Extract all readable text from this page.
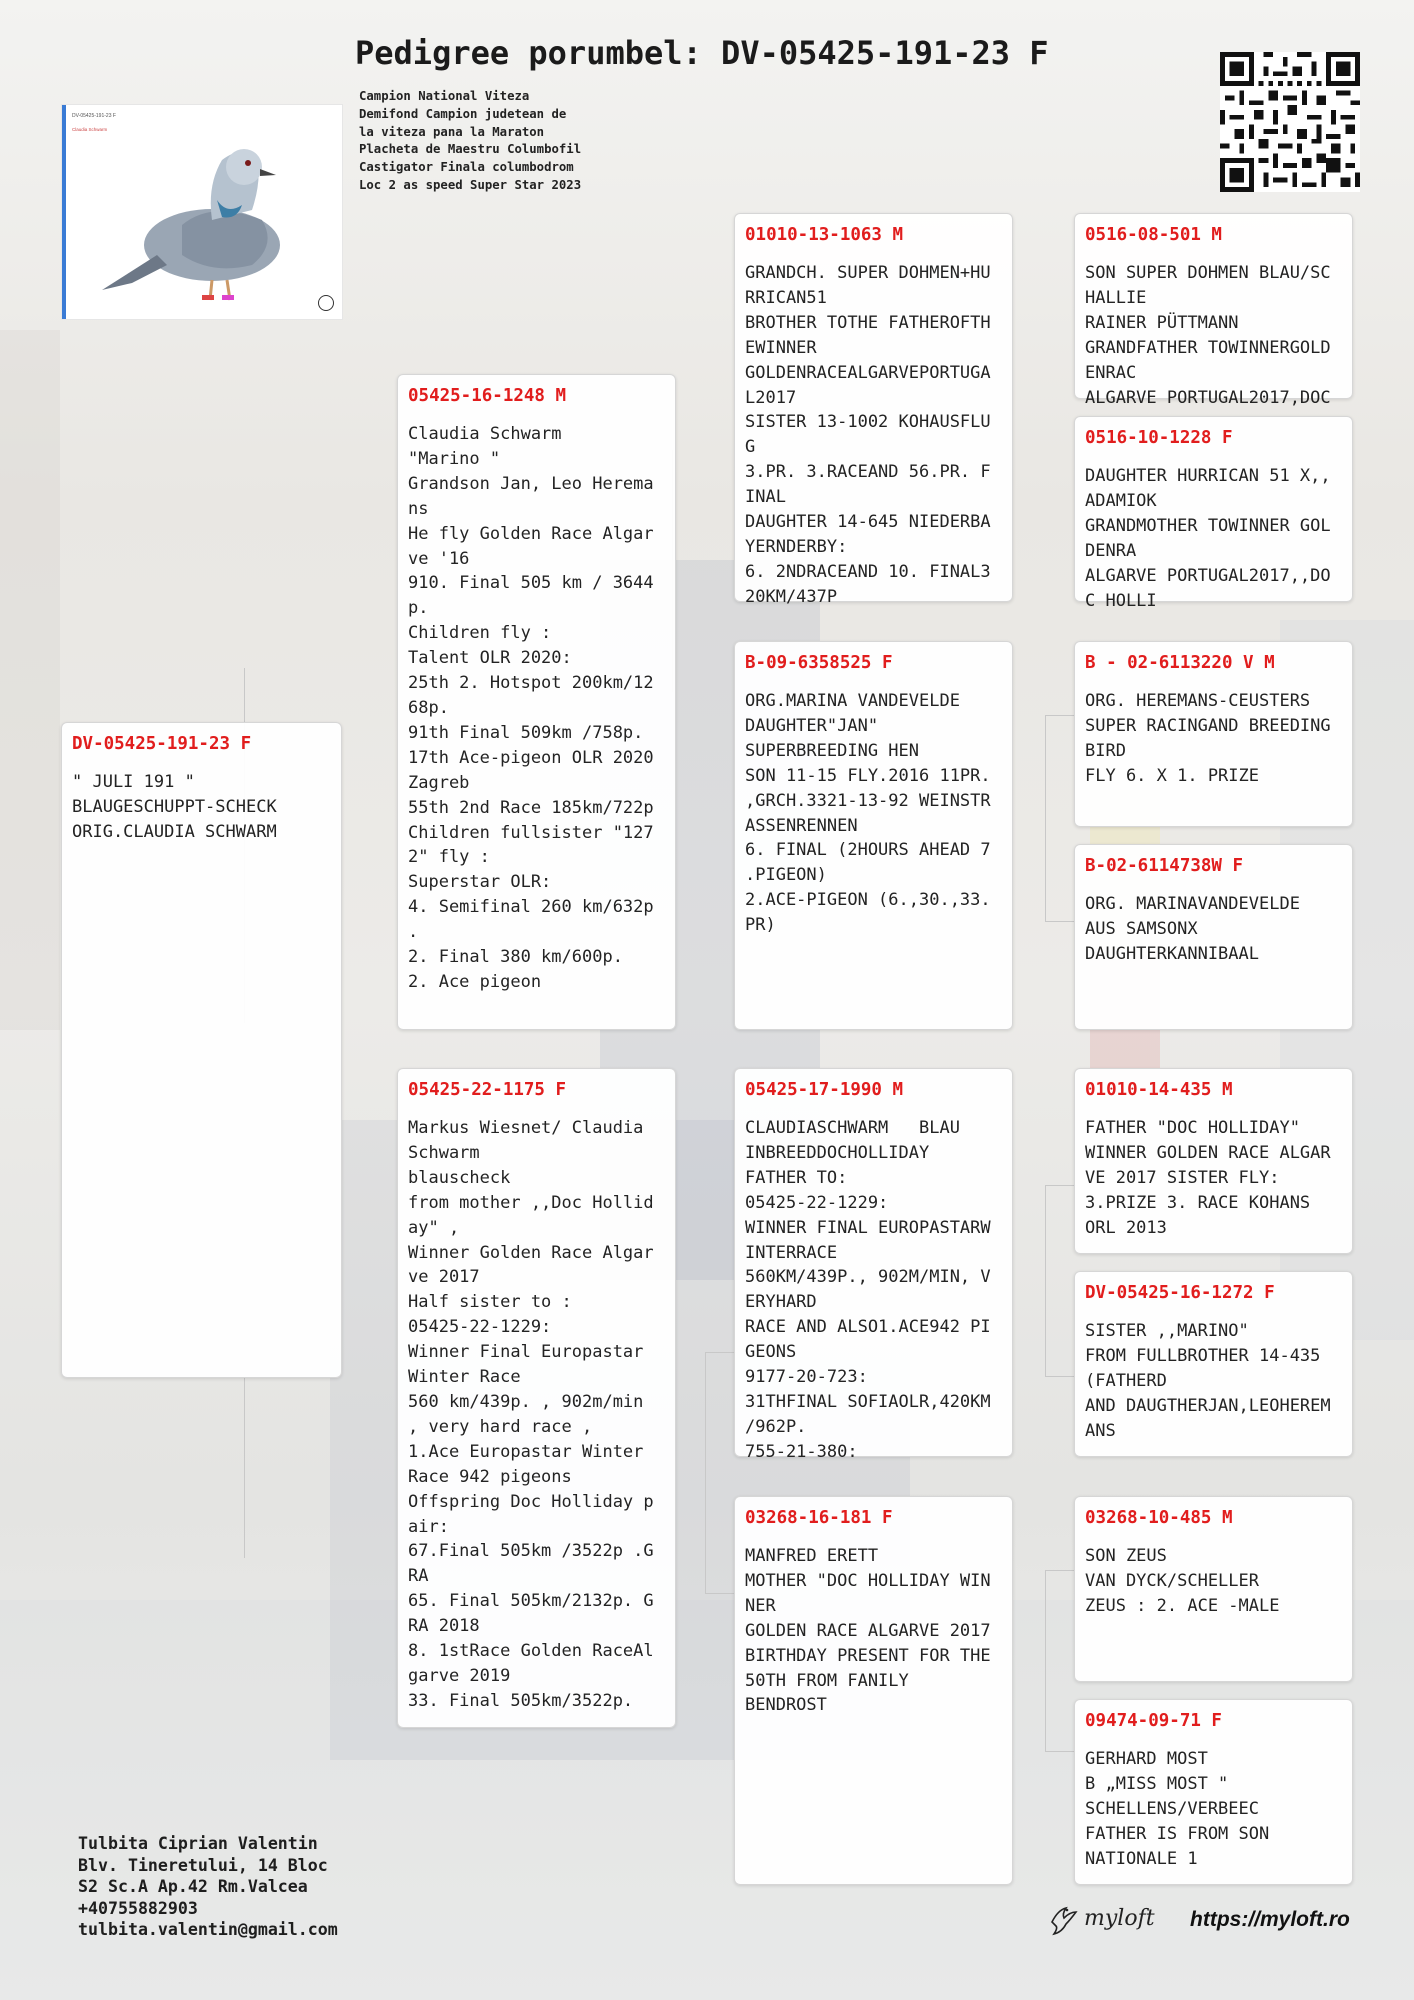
Pedigree porumbel: DV-05425-191-23 F
Campion National Viteza
Demifond Campion judetean de
la viteza pana la Maraton
Placheta de Maestru Columbofil
Castigator Finala columbodrom
Loc 2 as speed Super Star 2023
DV-05425-191-23 F
Claudia Schwarm
DV-05425-191-23 F
" JULI 191 "
BLAUGESCHUPPT-SCHECK
ORIG.CLAUDIA SCHWARM
05425-16-1248 M
Claudia Schwarm
"Marino "
Grandson Jan, Leo Herema
ns
He fly Golden Race Algar
ve '16
910. Final 505 km / 3644
p.
Children fly :
Talent OLR 2020:
25th 2. Hotspot 200km/12
68p.
91th Final 509km /758p.
17th Ace-pigeon OLR 2020
Zagreb
55th 2nd Race 185km/722p
Children fullsister "127
2" fly :
Superstar OLR:
4. Semifinal 260 km/632p
.
2. Final 380 km/600p.
2. Ace pigeon
05425-22-1175 F
Markus Wiesnet/ Claudia
Schwarm
blauscheck
from mother ,,Doc Hollid
ay" ,
Winner Golden Race Algar
ve 2017
Half sister to :
05425-22-1229:
Winner Final Europastar
Winter Race
560 km/439p. , 902m/min
, very hard race ,
1.Ace Europastar Winter
Race 942 pigeons
Offspring Doc Holliday p
air:
67.Final 505km /3522p .G
RA
65. Final 505km/2132p. G
RA 2018
8. 1stRace Golden RaceAl
garve 2019
33. Final 505km/3522p.
01010-13-1063 M
GRANDCH. SUPER DOHMEN+HU
RRICAN51
BROTHER TOTHE FATHEROFTH
EWINNER
GOLDENRACEALGARVEPORTUGA
L2017
SISTER 13-1002 KOHAUSFLU
G
3.PR. 3.RACEAND 56.PR. F
INAL
DAUGHTER 14-645 NIEDERBA
YERNDERBY:
6. 2NDRACEAND 10. FINAL3
20KM/437P
B-09-6358525 F
ORG.MARINA VANDEVELDE
DAUGHTER"JAN"
SUPERBREEDING HEN
SON 11-15 FLY.2016 11PR.
,GRCH.3321-13-92 WEINSTR
ASSENRENNEN
6. FINAL (2HOURS AHEAD 7
.PIGEON)
2.ACE-PIGEON (6.,30.,33.
PR)
05425-17-1990 M
CLAUDIASCHWARM   BLAU
INBREEDDOCHOLLIDAY
FATHER TO:
05425-22-1229:
WINNER FINAL EUROPASTARW
INTERRACE
560KM/439P., 902M/MIN, V
ERYHARD
RACE AND ALSO1.ACE942 PI
GEONS
9177-20-723:
31THFINAL SOFIAOLR,420KM
/962P.
755-21-380:
03268-16-181 F
MANFRED ERETT
MOTHER "DOC HOLLIDAY WIN
NER
GOLDEN RACE ALGARVE 2017
BIRTHDAY PRESENT FOR THE
50TH FROM FANILY
BENDROST
0516-08-501 M
SON SUPER DOHMEN BLAU/SC
HALLIE
RAINER PÜTTMANN
GRANDFATHER TOWINNERGOLD
ENRAC
ALGARVE PORTUGAL2017,DOC
0516-10-1228 F
DAUGHTER HURRICAN 51 X,,
ADAMIOK
GRANDMOTHER TOWINNER GOL
DENRA
ALGARVE PORTUGAL2017,,DO
C HOLLI
B - 02-6113220 V M
ORG. HEREMANS-CEUSTERS
SUPER RACINGAND BREEDING
BIRD
FLY 6. X 1. PRIZE
B-02-6114738W F
ORG. MARINAVANDEVELDE
AUS SAMSONX
DAUGHTERKANNIBAAL
01010-14-435 M
FATHER "DOC HOLLIDAY"
WINNER GOLDEN RACE ALGAR
VE 2017 SISTER FLY:
3.PRIZE 3. RACE KOHANS
ORL 2013
DV-05425-16-1272 F
SISTER ,,MARINO"
FROM FULLBROTHER 14-435
(FATHERD
AND DAUGTHERJAN,LEOHEREM
ANS
03268-10-485 M
SON ZEUS
VAN DYCK/SCHELLER
ZEUS : 2. ACE -MALE
09474-09-71 F
GERHARD MOST
B „MISS MOST "
SCHELLENS/VERBEEC
FATHER IS FROM SON
NATIONALE 1
Tulbita Ciprian Valentin
Blv. Tineretului, 14 Bloc
S2 Sc.A Ap.42 Rm.Valcea
+40755882903
tulbita.valentin@gmail.com	myloft https://myloft.ro
